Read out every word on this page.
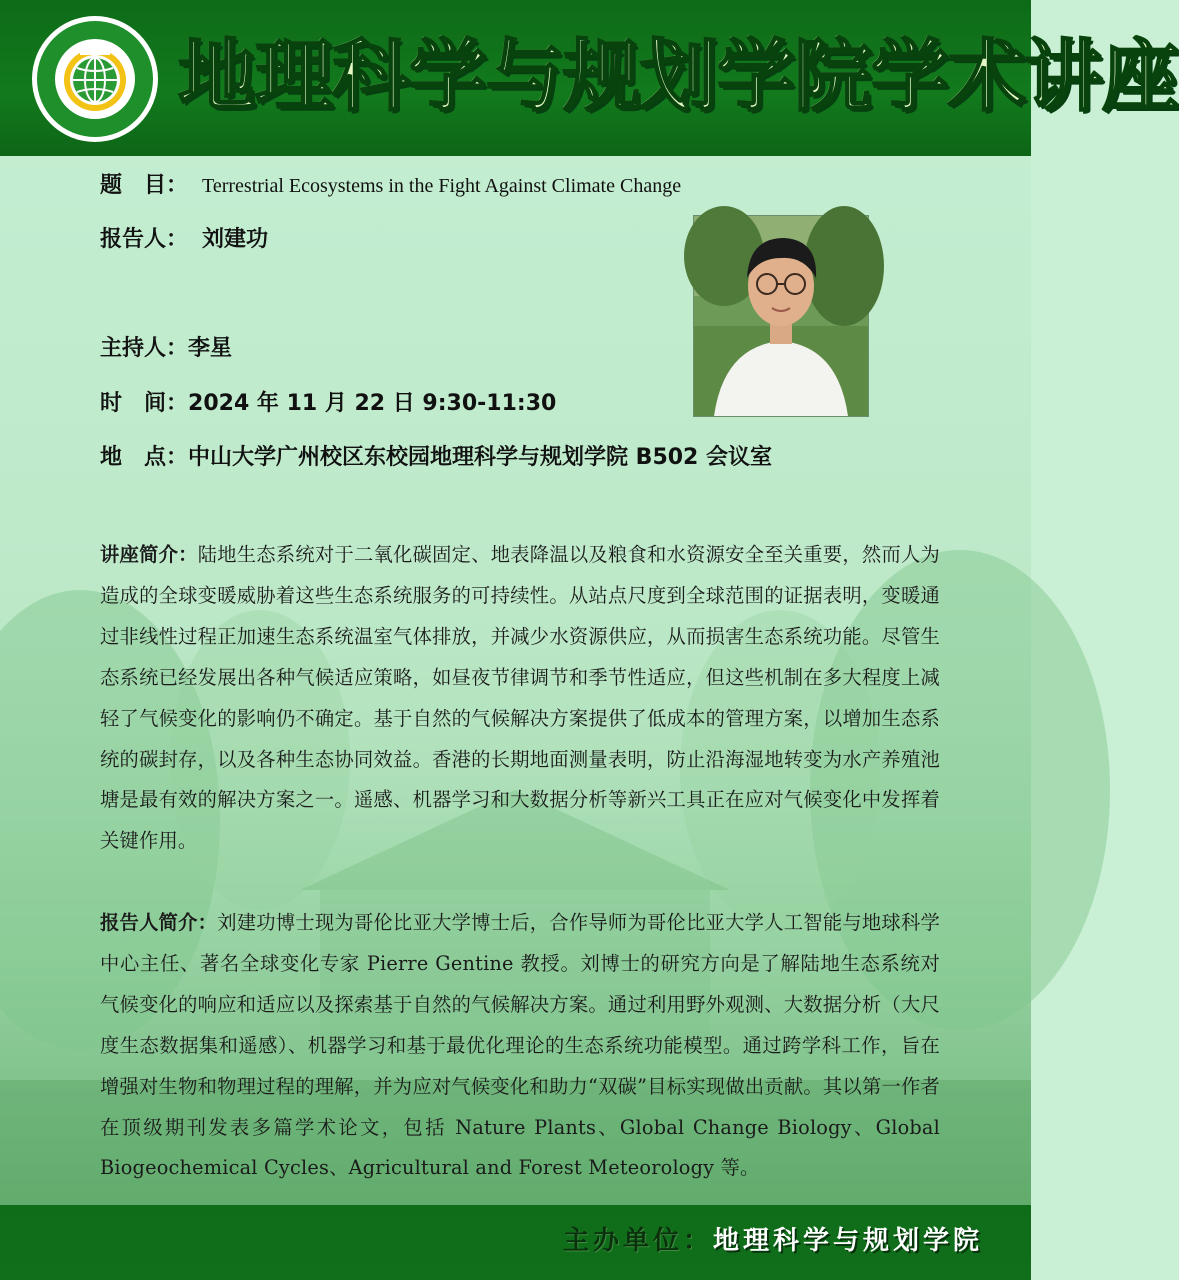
地理科学与规划学院学术讲座
题　目： Terrestrial Ecosystems in the Fight Against Climate Change
报告人： 刘建功
主持人：李星
时　间：2024 年 11 月 22 日 9:30-11:30
地　点：中山大学广州校区东校园地理科学与规划学院 B502 会议室
讲座简介：陆地生态系统对于二氧化碳固定、地表降温以及粮食和水资源安全至关重要，然而人为造成的全球变暖威胁着这些生态系统服务的可持续性。从站点尺度到全球范围的证据表明，变暖通过非线性过程正加速生态系统温室气体排放，并减少水资源供应，从而损害生态系统功能。尽管生态系统已经发展出各种气候适应策略，如昼夜节律调节和季节性适应，但这些机制在多大程度上减轻了气候变化的影响仍不确定。基于自然的气候解决方案提供了低成本的管理方案，以增加生态系统的碳封存，以及各种生态协同效益。香港的长期地面测量表明，防止沿海湿地转变为水产养殖池塘是最有效的解决方案之一。遥感、机器学习和大数据分析等新兴工具正在应对气候变化中发挥着关键作用。
报告人简介：刘建功博士现为哥伦比亚大学博士后，合作导师为哥伦比亚大学人工智能与地球科学中心主任、著名全球变化专家 Pierre Gentine 教授。刘博士的研究方向是了解陆地生态系统对气候变化的响应和适应以及探索基于自然的气候解决方案。通过利用野外观测、大数据分析（大尺度生态数据集和遥感）、机器学习和基于最优化理论的生态系统功能模型。通过跨学科工作，旨在增强对生物和物理过程的理解，并为应对气候变化和助力“双碳”目标实现做出贡献。其以第一作者在顶级期刊发表多篇学术论文，包括 Nature Plants、Global Change Biology、Global Biogeochemical Cycles、Agricultural and Forest Meteorology 等。
主办单位：地理科学与规划学院
